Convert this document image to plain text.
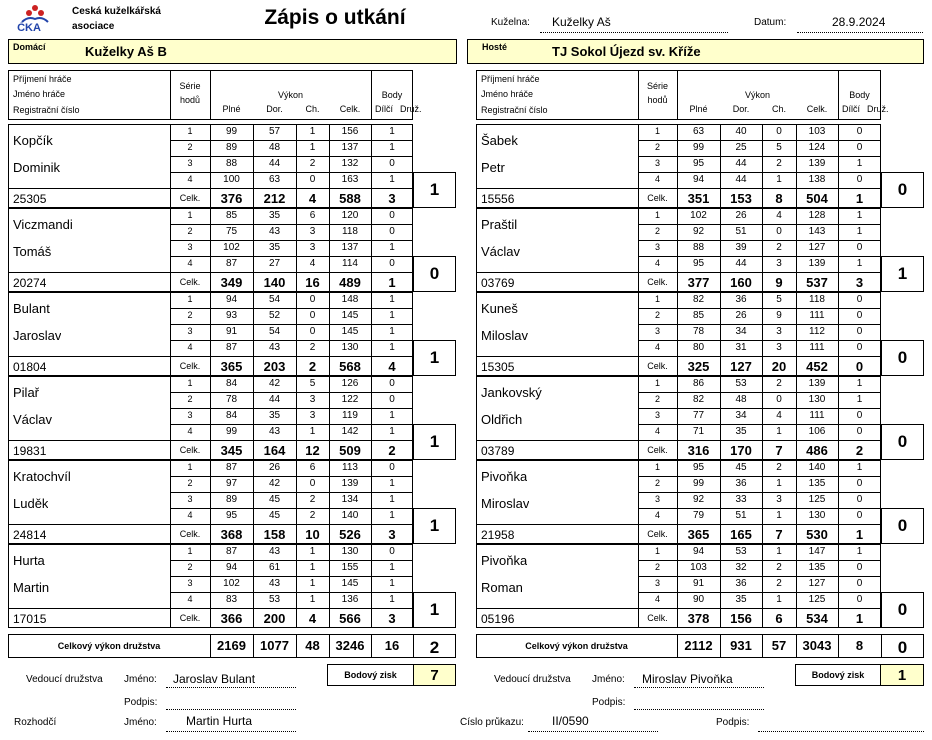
ČKA
Česká kuželkářská
asociace	Zápis o utkání	Kuželna: Kuželky Aš	Datum:	28.9.2024
Domácí	Kuželky Aš B	Hosté	TJ Sokol Újezd sv. Kříže
Příjmení hráče
Jméno hráče
Registrační číslo
Série
hodů	Výkon
Plné	Dor.	Ch.	Celk.
Body
Dílčí Druž.
Kopčík
Dominik
25305
1	99	57	1	156	1
2	89	48	1	137	1
3	88	44	2	132	0
4	100	63	0	163	1
Celk.	376	212	4	588	3	1
Viczmandi
Tomáš
20274
1	85	35	6	120	0
2	75	43	3	118	0
3	102	35	3	137	1
4	87	27	4	114	0
Celk.	349	140	16	489	1	0
Bulant
Jaroslav
01804
1	94	54	0	148	1
2	93	52	0	145	1
3	91	54	0	145	1
4	87	43	2	130	1
Celk.	365	203	2	568	4	1
Pilař
Václav
19831
1	84	42	5	126	0
2	78	44	3	122	0
3	84	35	3	119	1
4	99	43	1	142	1
Celk.	345	164	12	509	2	1
Kratochvíl
Luděk
24814
1	87	26	6	113	0
2	97	42	0	139	1
3	89	45	2	134	1
4	95	45	2	140	1
Celk.	368	158	10	526	3	1
Hurta
Martin
17015
1	87	43	1	130	0
2	94	61	1	155	1
3	102	43	1	145	1
4	83	53	1	136	1
Celk.	366	200	4	566	3	1
Celkový výkon družstva	2169	1077	48	3246	16	2
Příjmení hráče
Jméno hráče
Registrační číslo
Série
hodů	Výkon
Plné	Dor.	Ch.	Celk.
Body
Dílčí Druž.
Šabek
Petr
15556
1	63	40	0	103	0
2	99	25	5	124	0
3	95	44	2	139	1
4	94	44	1	138	0
Celk.	351	153	8	504	1	0
Praštil
Václav
03769
1	102	26	4	128	1
2	92	51	0	143	1
3	88	39	2	127	0
4	95	44	3	139	1
Celk.	377	160	9	537	3	1
Kuneš
Miloslav
15305
1	82	36	5	118	0
2	85	26	9	111	0
3	78	34	3	112	0
4	80	31	3	111	0
Celk.	325	127	20	452	0	0
Jankovský
Oldřich
03789
1	86	53	2	139	1
2	82	48	0	130	1
3	77	34	4	111	0
4	71	35	1	106	0
Celk.	316	170	7	486	2	0
Pivoňka
Miroslav
21958
1	95	45	2	140	1
2	99	36	1	135	0
3	92	33	3	125	0
4	79	51	1	130	0
Celk.	365	165	7	530	1	0
Pivoňka
Roman
05196
1	94	53	1	147	1
2	103	32	2	135	0
3	91	36	2	127	0
4	90	35	1	125	0
Celk.	378	156	6	534	1	0
Celkový výkon družstva	2112	931	57	3043	8	0
Bodový zisk	7	Bodový zisk	1
Vedoucí družstva Jméno: Jaroslav Bulant
Podpis:
Vedoucí družstva Jméno: Miroslav Pivoňka
Podpis:
Rozhodčí	Jméno: Martin Hurta	Číslo průkazu: II/0590	Podpis:
